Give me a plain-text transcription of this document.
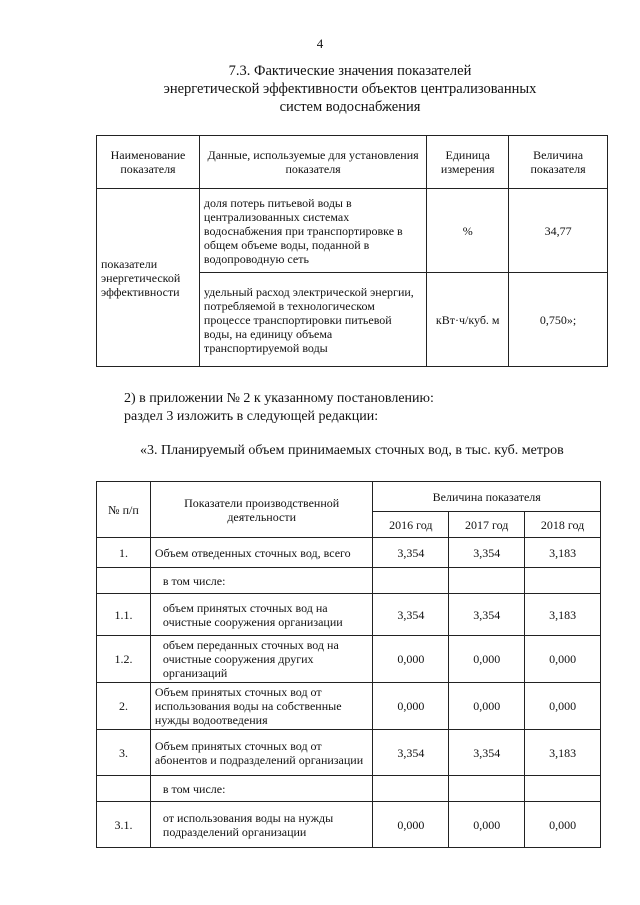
4
7.3. Фактические значения показателей
энергетической эффективности объектов централизованных
систем водоснабжения
Наименование показателя	Данные, используемые для установления показателя	Единица измерения	Величина показателя
показатели энергетической эффективности	доля потерь питьевой воды в централизованных системах водоснабжения при транспортировке в общем объеме воды, поданной в водопроводную сеть	%	34,77
	удельный расход электрической энергии, потребляемой в технологическом процессе транспортировки питьевой воды, на единицу объема транспортируемой воды	кВт·ч/куб. м	0,750»;
2) в приложении № 2 к указанному постановлению:
раздел 3 изложить в следующей редакции:
«3. Планируемый объем принимаемых сточных вод, в тыс. куб. метров
№ п/п	Показатели производственной деятельности	Величина показателя		
		2016 год	2017 год	2018 год
1.	Объем отведенных сточных вод, всего	3,354	3,354	3,183
	в том числе:			
1.1.	объем принятых сточных вод на очистные сооружения организации	3,354	3,354	3,183
1.2.	объем переданных сточных вод на очистные сооружения других организаций	0,000	0,000	0,000
2.	Объем принятых сточных вод от использования воды на собственные нужды водоотведения	0,000	0,000	0,000
3.	Объем принятых сточных вод от абонентов и подразделений организации	3,354	3,354	3,183
	в том числе:			
3.1.	от использования воды на нужды подразделений организации	0,000	0,000	0,000
